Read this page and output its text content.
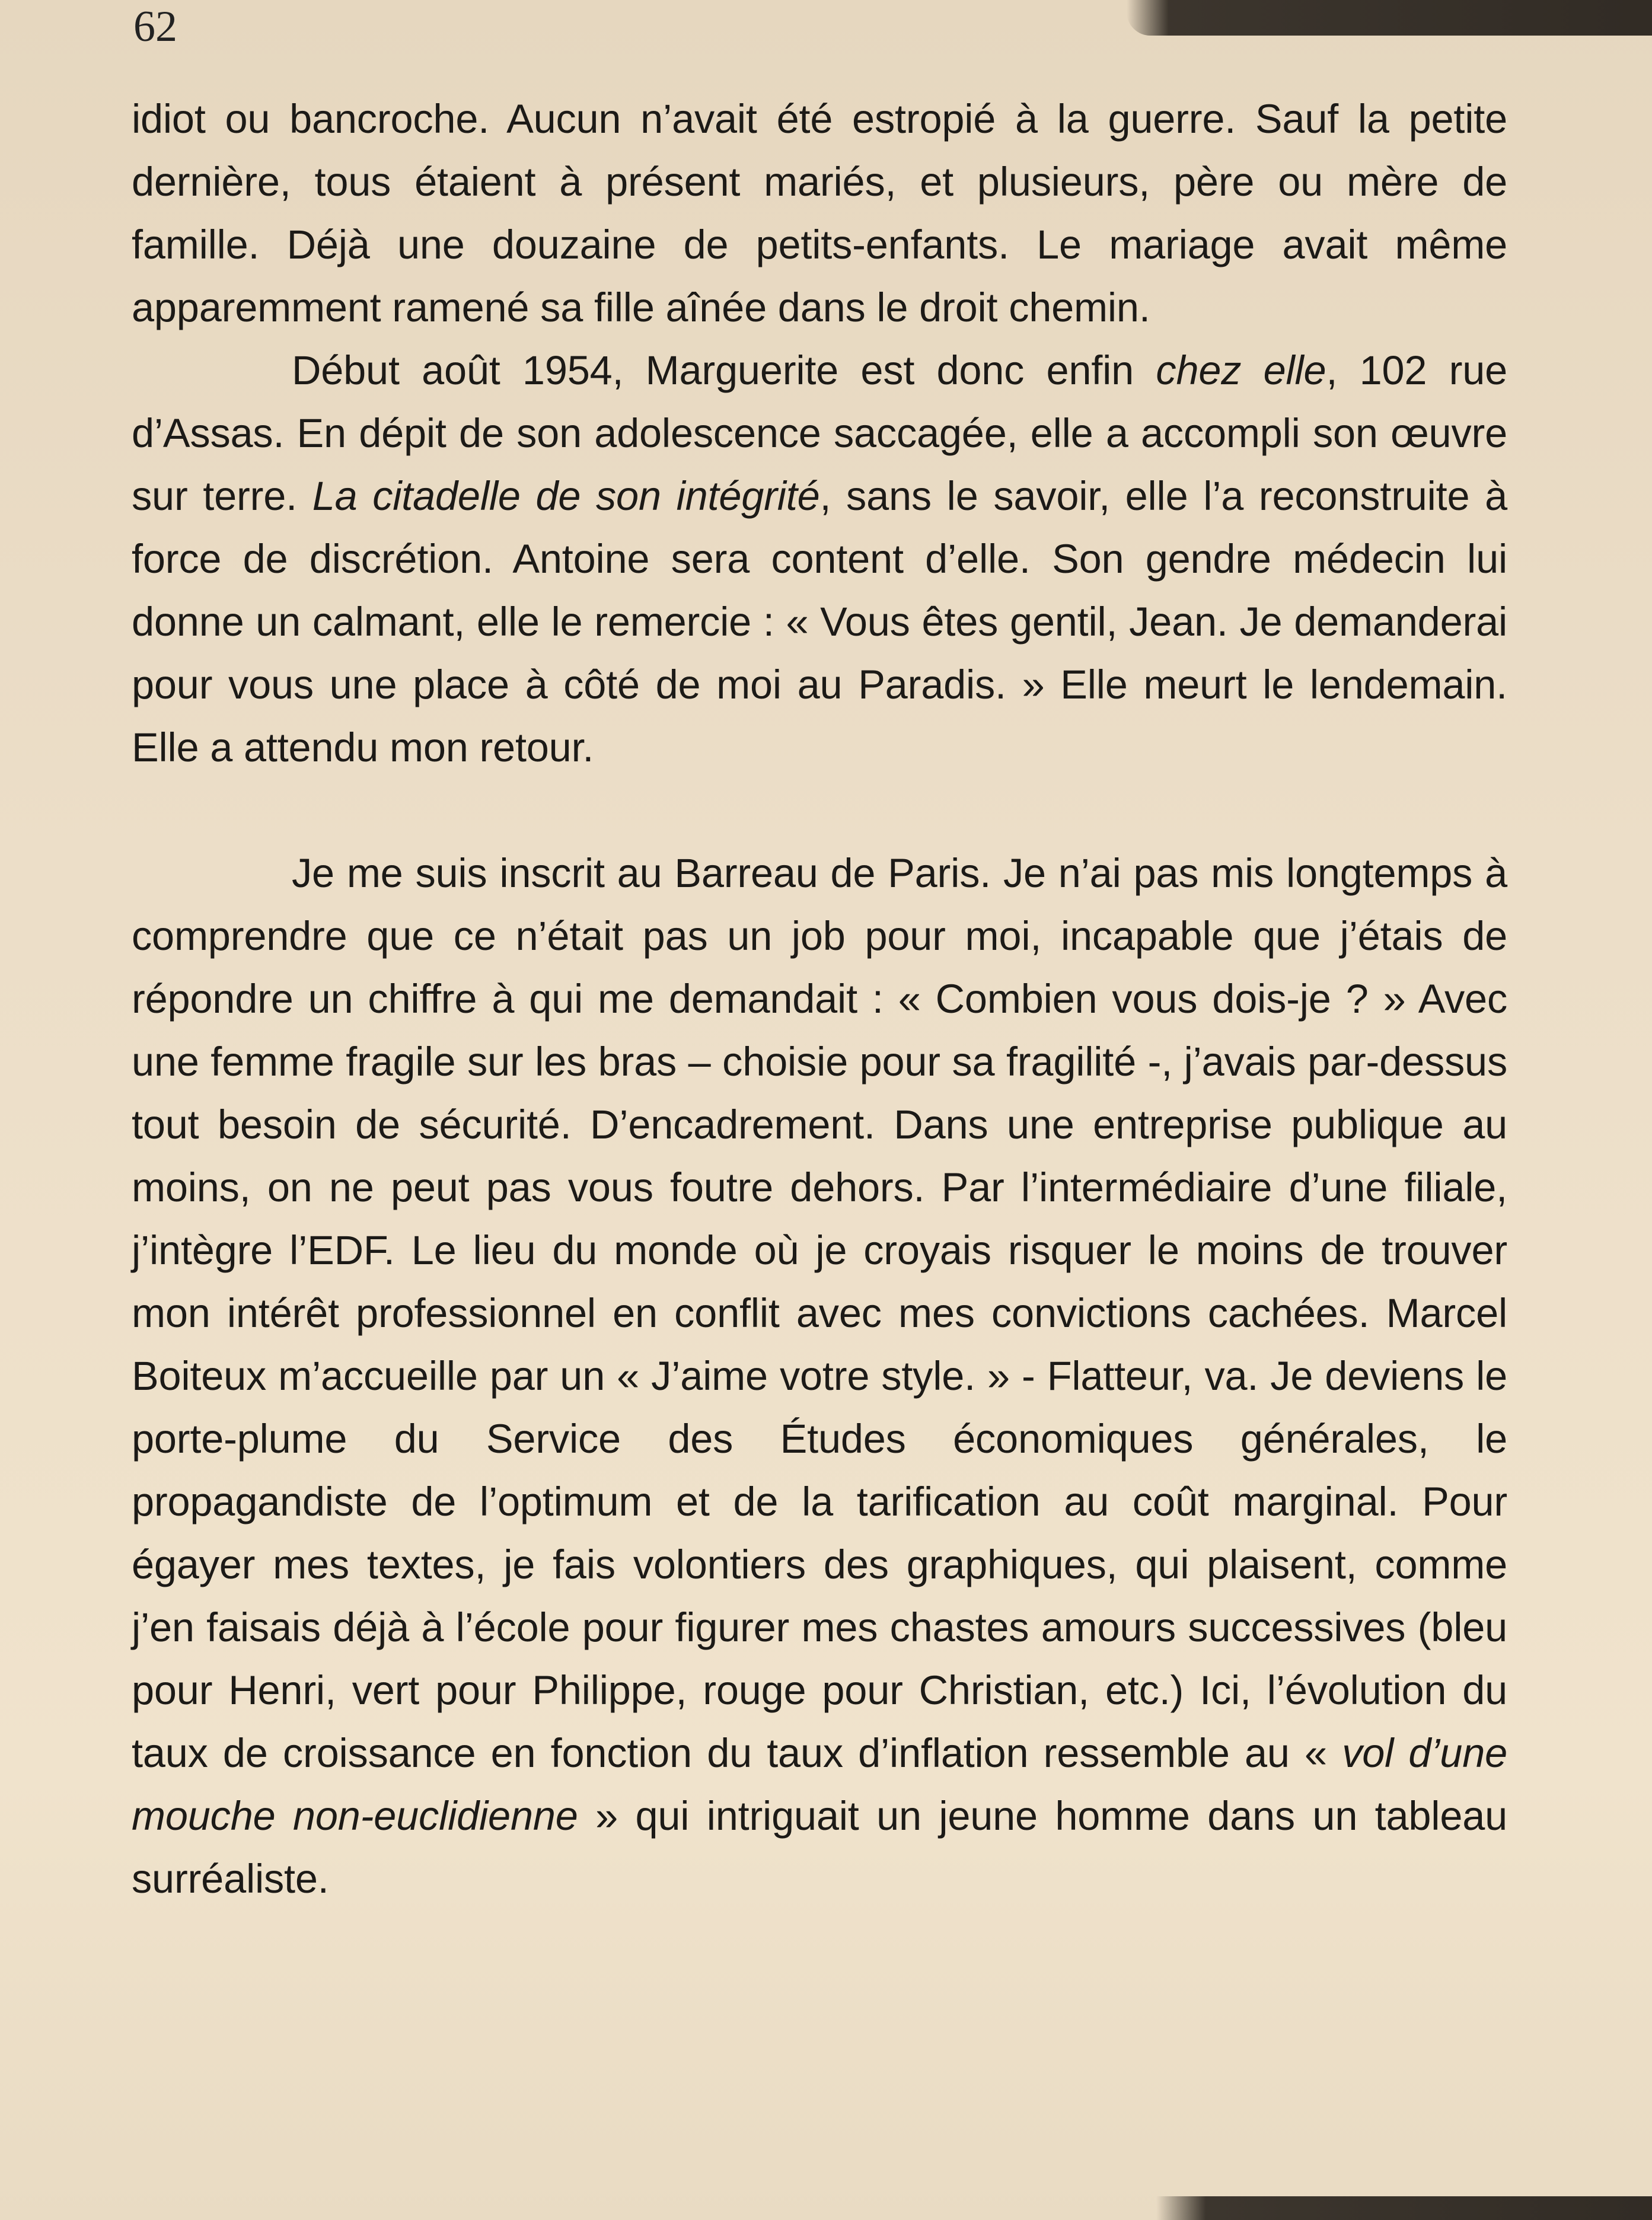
62

idiot ou bancroche. Aucun n’avait été estropié à la guerre. Sauf la petite dernière, tous étaient à présent mariés, et plusieurs, père ou mère de famille. Déjà une douzaine de petits-enfants. Le mariage avait même apparemment ramené sa fille aînée dans le droit chemin.

Début août 1954, Marguerite est donc enfin chez elle, 102 rue d’Assas. En dépit de son adolescence saccagée, elle a accompli son œuvre sur terre. La citadelle de son intégrité, sans le savoir, elle l’a reconstruite à force de discrétion. Antoine sera content d’elle. Son gendre médecin lui donne un calmant, elle le remercie : « Vous êtes gentil, Jean. Je demanderai pour vous une place à côté de moi au Paradis. » Elle meurt le lendemain. Elle a attendu mon retour.

Je me suis inscrit au Barreau de Paris. Je n’ai pas mis longtemps à comprendre que ce n’était pas un job pour moi, incapable que j’étais de répondre un chiffre à qui me demandait : « Combien vous dois-je ? » Avec une femme fragile sur les bras – choisie pour sa fragilité -, j’avais par-dessus tout besoin de sécurité. D’encadrement. Dans une entreprise publique au moins, on ne peut pas vous foutre dehors. Par l’intermédiaire d’une filiale, j’intègre l’EDF. Le lieu du monde où je croyais risquer le moins de trouver mon intérêt professionnel en conflit avec mes convictions cachées. Marcel Boiteux m’accueille par un « J’aime votre style. » - Flatteur, va. Je deviens le porte-plume du Service des Études économiques générales, le propagandiste de l’optimum et de la tarification au coût marginal. Pour égayer mes textes, je fais volontiers des graphiques, qui plaisent, comme j’en faisais déjà à l’école pour figurer mes chastes amours successives (bleu pour Henri, vert pour Philippe, rouge pour Christian, etc.) Ici, l’évolution du taux de croissance en fonction du taux d’inflation ressemble au « vol d’une mouche non-euclidienne » qui intriguait un jeune homme dans un tableau surréaliste.
